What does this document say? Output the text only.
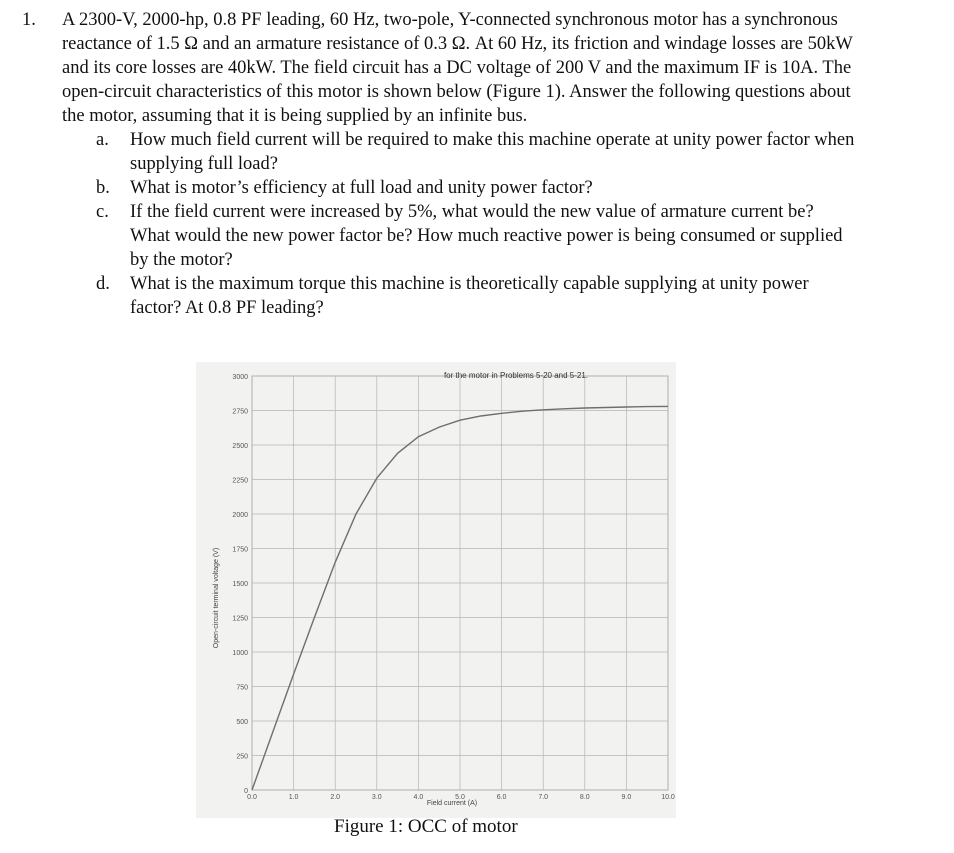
1. A 2300-V, 2000-hp, 0.8 PF leading, 60 Hz, two-pole, Y-connected synchronous motor has a synchronous reactance of 1.5 Ω and an armature resistance of 0.3 Ω. At 60 Hz, its friction and windage losses are 50kW and its core losses are 40kW. The field circuit has a DC voltage of 200 V and the maximum IF is 10A. The open-circuit characteristics of this motor is shown below (Figure 1). Answer the following questions about the motor, assuming that it is being supplied by an infinite bus.
a. How much field current will be required to make this machine operate at unity power factor when supplying full load?
b. What is motor’s efficiency at full load and unity power factor?
c. If the field current were increased by 5%, what would the new value of armature current be? What would the new power factor be? How much reactive power is being consumed or supplied by the motor?
d. What is the maximum torque this machine is theoretically capable supplying at unity power factor? At 0.8 PF leading?
0
250
500
750
1000
1250
1500
1750
2000
2250
2500
2750
3000
0.0	1.0	2.0	3.0	4.0	5.0	6.0	7.0	8.0	9.0	10.0
for the motor in Problems 5-20 and 5-21.
Field current (A)
Open-circuit terminal voltage (V)
Figure 1: OCC of motor
